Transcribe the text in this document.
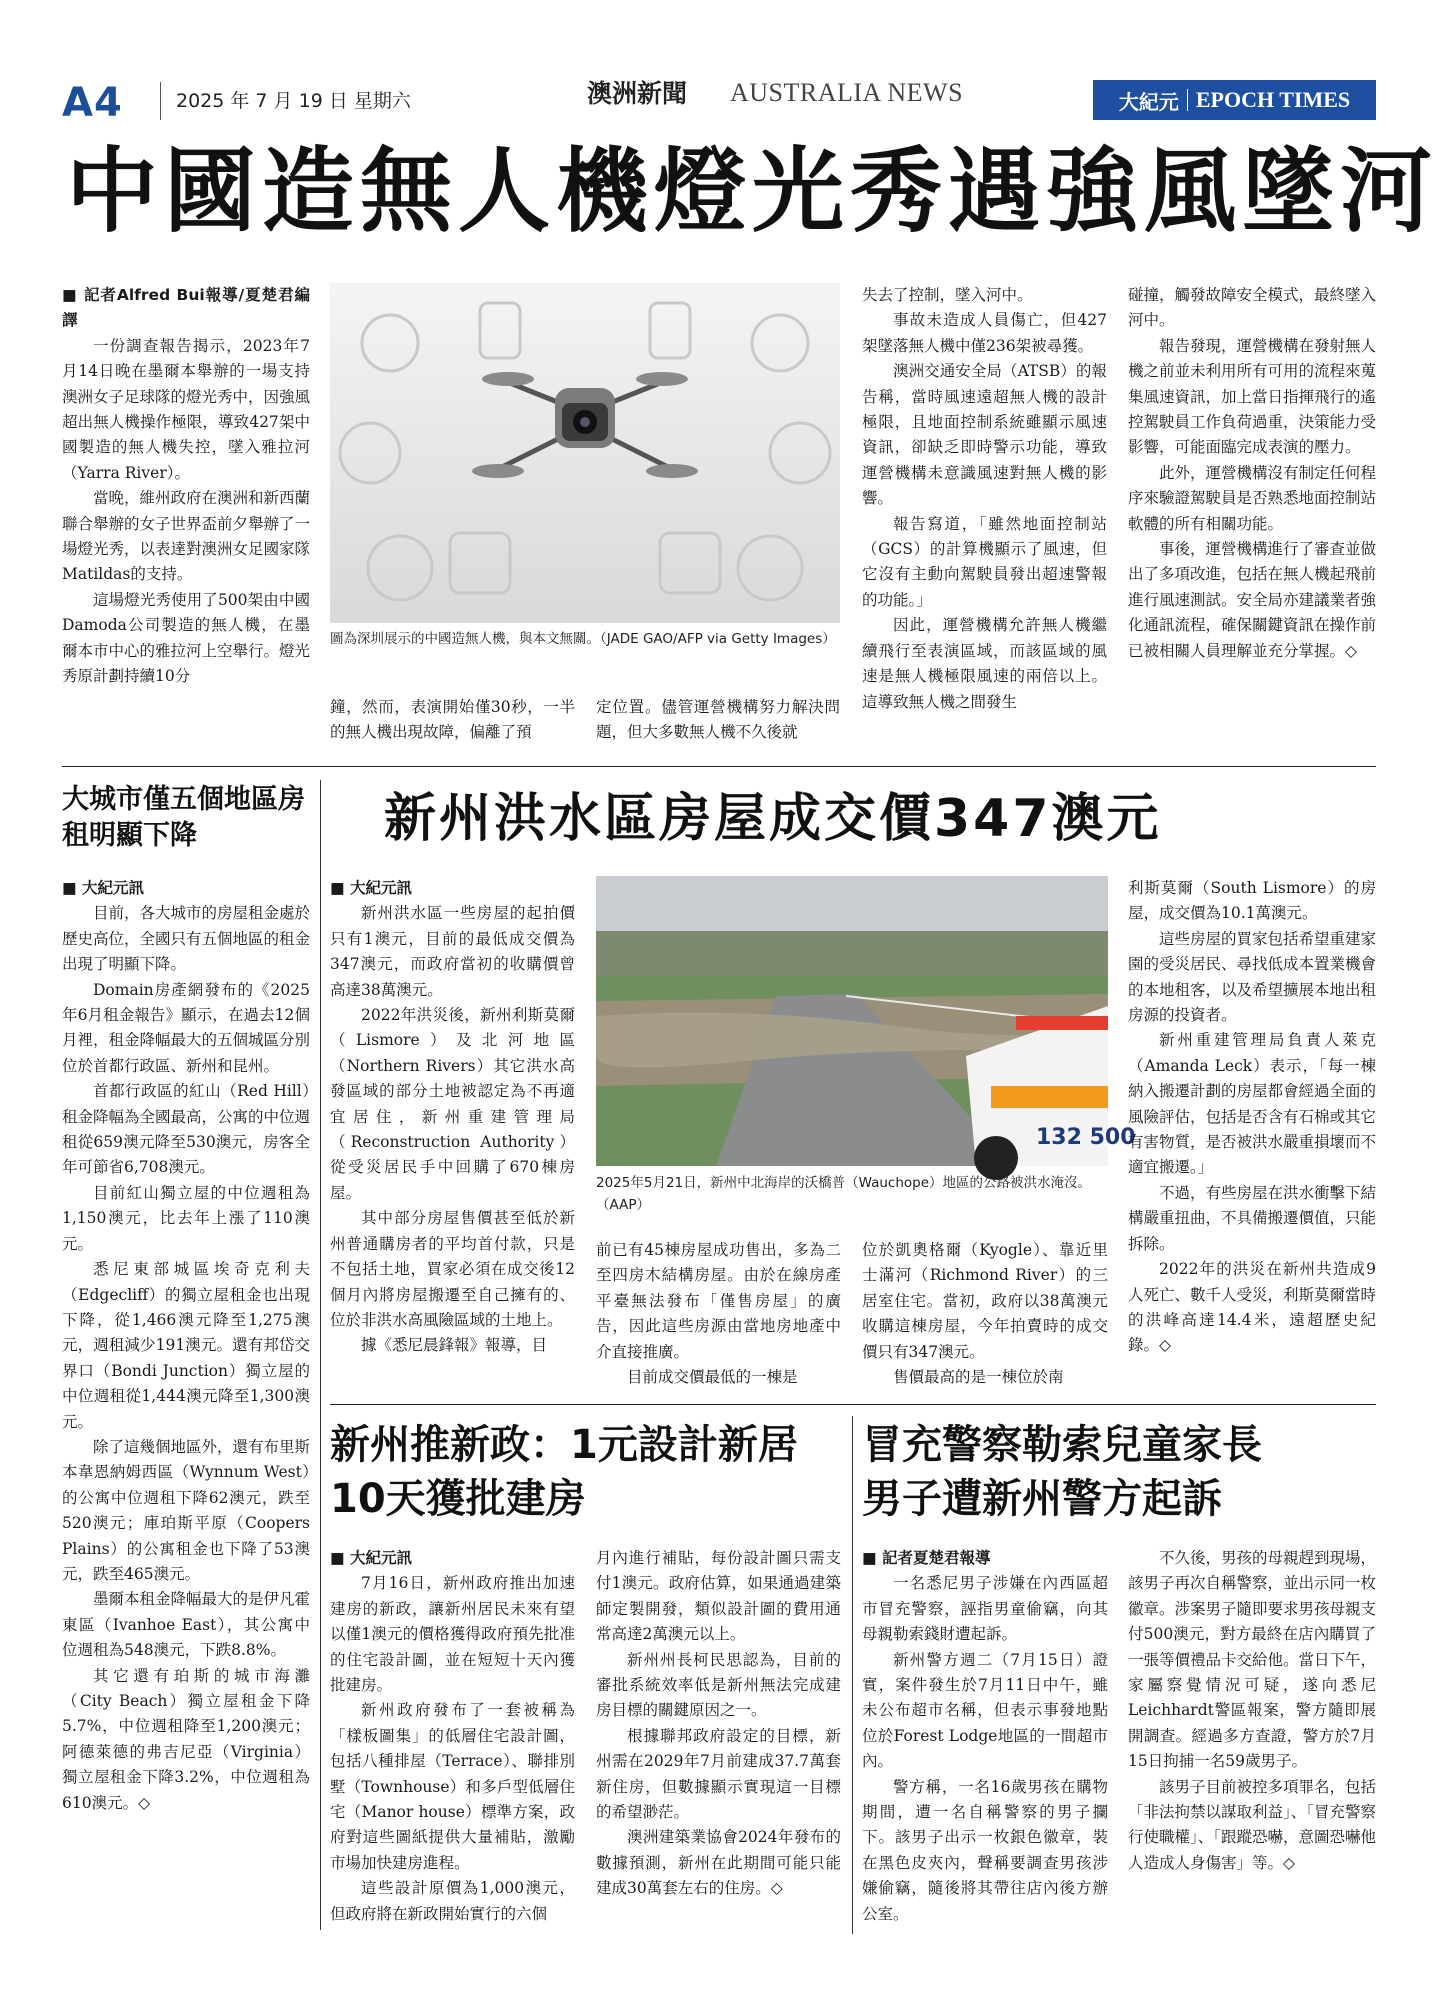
A4	2025 年 7 月 19 日 星期六	澳洲新聞 AUSTRALIA NEWS	大紀元 EPOCH TIMES
中國造無人機燈光秀遇強風墜河

■ 記者Alfred Bui報導/夏楚君編譯

一份調查報告揭示，2023年7月14日晚在墨爾本舉辦的一場支持澳洲女子足球隊的燈光秀中，因強風超出無人機操作極限，導致427架中國製造的無人機失控，墜入雅拉河（Yarra River）。

當晚，維州政府在澳洲和新西蘭聯合舉辦的女子世界盃前夕舉辦了一場燈光秀，以表達對澳洲女足國家隊Matildas的支持。

這場燈光秀使用了500架由中國Damoda公司製造的無人機，在墨爾本市中心的雅拉河上空舉行。燈光秀原計劃持續10分

圖為深圳展示的中國造無人機，與本文無關。（JADE GAO/AFP via Getty Images）

鐘，然而，表演開始僅30秒，一半的無人機出現故障，偏離了預

定位置。儘管運營機構努力解決問題，但大多數無人機不久後就

失去了控制，墜入河中。

事故未造成人員傷亡，但427架墜落無人機中僅236架被尋獲。

澳洲交通安全局（ATSB）的報告稱，當時風速遠超無人機的設計極限，且地面控制系統雖顯示風速資訊，卻缺乏即時警示功能，導致運營機構未意識風速對無人機的影響。

報告寫道，「雖然地面控制站（GCS）的計算機顯示了風速，但它沒有主動向駕駛員發出超速警報的功能。」

因此，運營機構允許無人機繼續飛行至表演區域，而該區域的風速是無人機極限風速的兩倍以上。這導致無人機之間發生

碰撞，觸發故障安全模式，最終墜入河中。

報告發現，運營機構在發射無人機之前並未利用所有可用的流程來蒐集風速資訊，加上當日指揮飛行的遙控駕駛員工作負荷過重，決策能力受影響，可能面臨完成表演的壓力。

此外，運營機構沒有制定任何程序來驗證駕駛員是否熟悉地面控制站軟體的所有相關功能。

事後，運營機構進行了審查並做出了多項改進，包括在無人機起飛前進行風速測試。安全局亦建議業者強化通訊流程，確保關鍵資訊在操作前已被相關人員理解並充分掌握。◇

大城市僅五個地區房租明顯下降

■ 大紀元訊

目前，各大城市的房屋租金處於歷史高位，全國只有五個地區的租金出現了明顯下降。

Domain房產網發布的《2025年6月租金報告》顯示，在過去12個月裡，租金降幅最大的五個城區分別位於首都行政區、新州和昆州。

首都行政區的紅山（Red Hill）租金降幅為全國最高，公寓的中位週租從659澳元降至530澳元，房客全年可節省6,708澳元。

目前紅山獨立屋的中位週租為1,150澳元，比去年上漲了110澳元。

悉尼東部城區埃奇克利夫（Edgecliff）的獨立屋租金也出現下降，從1,466澳元降至1,275澳元，週租減少191澳元。還有邦岱交界口（Bondi Junction）獨立屋的中位週租從1,444澳元降至1,300澳元。

除了這幾個地區外，還有布里斯本韋恩納姆西區（Wynnum West）的公寓中位週租下降62澳元，跌至520澳元；庫珀斯平原（Coopers Plains）的公寓租金也下降了53澳元，跌至465澳元。

墨爾本租金降幅最大的是伊凡霍東區（Ivanhoe East），其公寓中位週租為548澳元，下跌8.8%。

其它還有珀斯的城市海灘（City Beach）獨立屋租金下降5.7%，中位週租降至1,200澳元；阿德萊德的弗吉尼亞（Virginia）獨立屋租金下降3.2%，中位週租為610澳元。◇

新州洪水區房屋成交價347澳元

■ 大紀元訊

新州洪水區一些房屋的起拍價只有1澳元，目前的最低成交價為347澳元，而政府當初的收購價曾高達38萬澳元。

2022年洪災後，新州利斯莫爾（Lismore）及北河地區（Northern Rivers）其它洪水高發區域的部分土地被認定為不再適宜居住，新州重建管理局（Reconstruction Authority）從受災居民手中回購了670棟房屋。

其中部分房屋售價甚至低於新州普通購房者的平均首付款，只是不包括土地，買家必須在成交後12個月內將房屋搬遷至自己擁有的、位於非洪水高風險區域的土地上。

據《悉尼晨鋒報》報導，目

132 500
2025年5月21日，新州中北海岸的沃橋普（Wauchope）地區的公路被洪水淹沒。（AAP）

前已有45棟房屋成功售出，多為二至四房木結構房屋。由於在線房產平臺無法發布「僅售房屋」的廣告，因此這些房源由當地房地產中介直接推廣。

目前成交價最低的一棟是

位於凱奧格爾（Kyogle）、靠近里士滿河（Richmond River）的三居室住宅。當初，政府以38萬澳元收購這棟房屋，今年拍賣時的成交價只有347澳元。

售價最高的是一棟位於南

利斯莫爾（South Lismore）的房屋，成交價為10.1萬澳元。

這些房屋的買家包括希望重建家園的受災居民、尋找低成本置業機會的本地租客，以及希望擴展本地出租房源的投資者。

新州重建管理局負責人萊克（Amanda Leck）表示，「每一棟納入搬遷計劃的房屋都會經過全面的風險評估，包括是否含有石棉或其它有害物質，是否被洪水嚴重損壞而不適宜搬遷。」

不過，有些房屋在洪水衝擊下結構嚴重扭曲，不具備搬遷價值，只能拆除。

2022年的洪災在新州共造成9人死亡、數千人受災，利斯莫爾當時的洪峰高達14.4米，遠超歷史紀錄。◇

新州推新政：1元設計新居
10天獲批建房

■ 大紀元訊

7月16日，新州政府推出加速建房的新政，讓新州居民未來有望以僅1澳元的價格獲得政府預先批准的住宅設計圖，並在短短十天內獲批建房。

新州政府發布了一套被稱為「樣板圖集」的低層住宅設計圖，包括八種排屋（Terrace）、聯排別墅（Townhouse）和多戶型低層住宅（Manor house）標準方案，政府對這些圖紙提供大量補貼，激勵市場加快建房進程。

這些設計原價為1,000澳元，但政府將在新政開始實行的六個

月內進行補貼，每份設計圖只需支付1澳元。政府估算，如果通過建築師定製開發，類似設計圖的費用通常高達2萬澳元以上。

新州州長柯民思認為，目前的審批系統效率低是新州無法完成建房目標的關鍵原因之一。

根據聯邦政府設定的目標，新州需在2029年7月前建成37.7萬套新住房，但數據顯示實現這一目標的希望渺茫。

澳洲建築業協會2024年發布的數據預測，新州在此期間可能只能建成30萬套左右的住房。◇

冒充警察勒索兒童家長
男子遭新州警方起訴

■ 記者夏楚君報導

一名悉尼男子涉嫌在內西區超市冒充警察，誣指男童偷竊，向其母親勒索錢財遭起訴。

新州警方週二（7月15日）證實，案件發生於7月11日中午，雖未公布超市名稱，但表示事發地點位於Forest Lodge地區的一間超市內。

警方稱，一名16歲男孩在購物期間，遭一名自稱警察的男子攔下。該男子出示一枚銀色徽章，裝在黑色皮夾內，聲稱要調查男孩涉嫌偷竊，隨後將其帶往店內後方辦公室。

不久後，男孩的母親趕到現場，該男子再次自稱警察，並出示同一枚徽章。涉案男子隨即要求男孩母親支付500澳元，對方最終在店內購買了一張等價禮品卡交給他。當日下午，家屬察覺情況可疑，遂向悉尼Leichhardt警區報案，警方隨即展開調查。經過多方查證，警方於7月15日拘捕一名59歲男子。

該男子目前被控多項罪名，包括「非法拘禁以謀取利益」、「冒充警察行使職權」、「跟蹤恐嚇，意圖恐嚇他人造成人身傷害」等。◇
